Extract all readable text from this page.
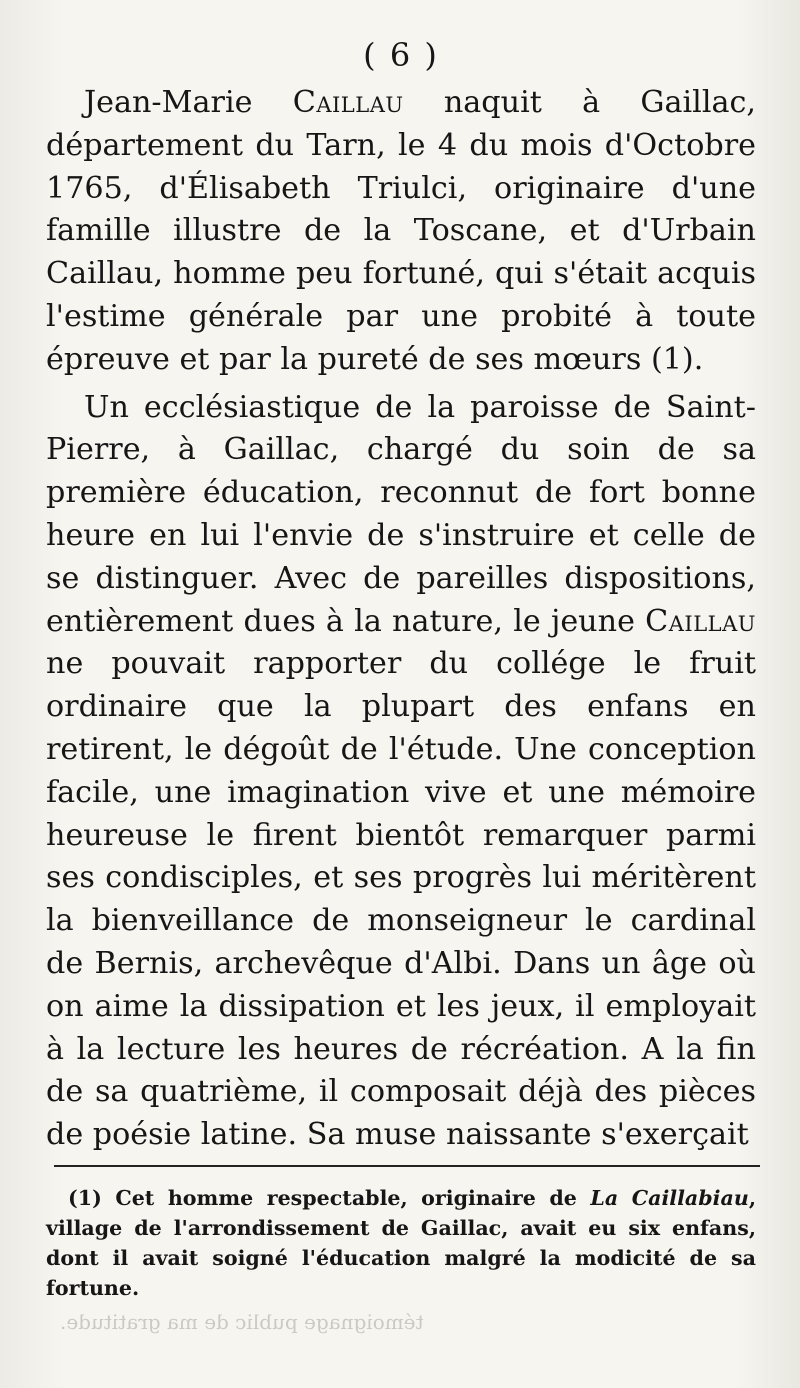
( 6 )

Jean-Marie Caillau naquit à Gaillac, département du Tarn, le 4 du mois d'Octobre 1765, d'Élisabeth Triulci, originaire d'une famille illustre de la Toscane, et d'Urbain Caillau, homme peu fortuné, qui s'était acquis l'estime générale par une probité à toute épreuve et par la pureté de ses mœurs (1).

Un ecclésiastique de la paroisse de Saint-Pierre, à Gaillac, chargé du soin de sa première éducation, reconnut de fort bonne heure en lui l'envie de s'instruire et celle de se distinguer. Avec de pareilles dispositions, entièrement dues à la nature, le jeune Caillau ne pouvait rapporter du collége le fruit ordinaire que la plupart des enfans en retirent, le dégoût de l'étude. Une conception facile, une imagination vive et une mémoire heureuse le firent bientôt remarquer parmi ses condisciples, et ses progrès lui méritèrent la bienveillance de monseigneur le cardinal de Bernis, archevêque d'Albi. Dans un âge où on aime la dissipation et les jeux, il employait à la lecture les heures de récréation. A la fin de sa quatrième, il composait déjà des pièces de poésie latine. Sa muse naissante s'exerçait

(1) Cet homme respectable, originaire de La Caillabiau, village de l'arrondissement de Gaillac, avait eu six enfans, dont il avait soigné l'éducation malgré la modicité de sa fortune.

témoignage public de ma gratitude.
